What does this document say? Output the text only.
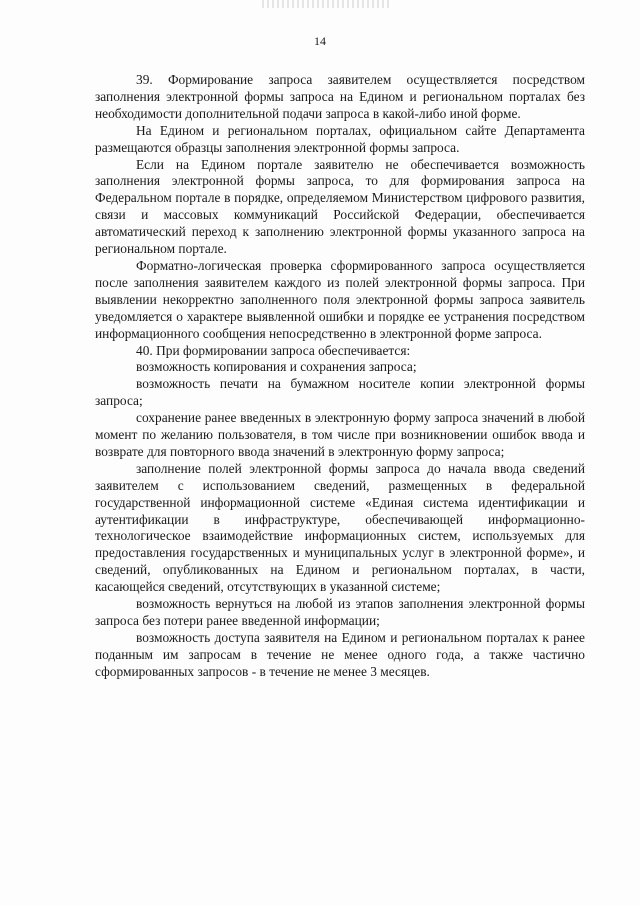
14

39. Формирование запроса заявителем осуществляется посредством заполнения электронной формы запроса на Едином и региональном порталах без необходимости дополнительной подачи запроса в какой-либо иной форме.

На Едином и региональном порталах, официальном сайте Департамента размещаются образцы заполнения электронной формы запроса.

Если на Едином портале заявителю не обеспечивается возможность заполнения электронной формы запроса, то для формирования запроса на Федеральном портале в порядке, определяемом Министерством цифрового развития, связи и массовых коммуникаций Российской Федерации, обеспечивается автоматический переход к заполнению электронной формы указанного запроса на региональном портале.

Форматно-логическая проверка сформированного запроса осуществляется после заполнения заявителем каждого из полей электронной формы запроса. При выявлении некорректно заполненного поля электронной формы запроса заявитель уведомляется о характере выявленной ошибки и порядке ее устранения посредством информационного сообщения непосредственно в электронной форме запроса.

40. При формировании запроса обеспечивается:

возможность копирования и сохранения запроса;

возможность печати на бумажном носителе копии электронной формы запроса;

сохранение ранее введенных в электронную форму запроса значений в любой момент по желанию пользователя, в том числе при возникновении ошибок ввода и возврате для повторного ввода значений в электронную форму запроса;

заполнение полей электронной формы запроса до начала ввода сведений заявителем с использованием сведений, размещенных в федеральной государственной информационной системе «Единая система идентификации и аутентификации в инфраструктуре, обеспечивающей информационно-технологическое взаимодействие информационных систем, используемых для предоставления государственных и муниципальных услуг в электронной форме», и сведений, опубликованных на Едином и региональном порталах, в части, касающейся сведений, отсутствующих в указанной системе;

возможность вернуться на любой из этапов заполнения электронной формы запроса без потери ранее введенной информации;

возможность доступа заявителя на Едином и региональном порталах к ранее поданным им запросам в течение не менее одного года, а также частично сформированных запросов - в течение не менее 3 месяцев.
